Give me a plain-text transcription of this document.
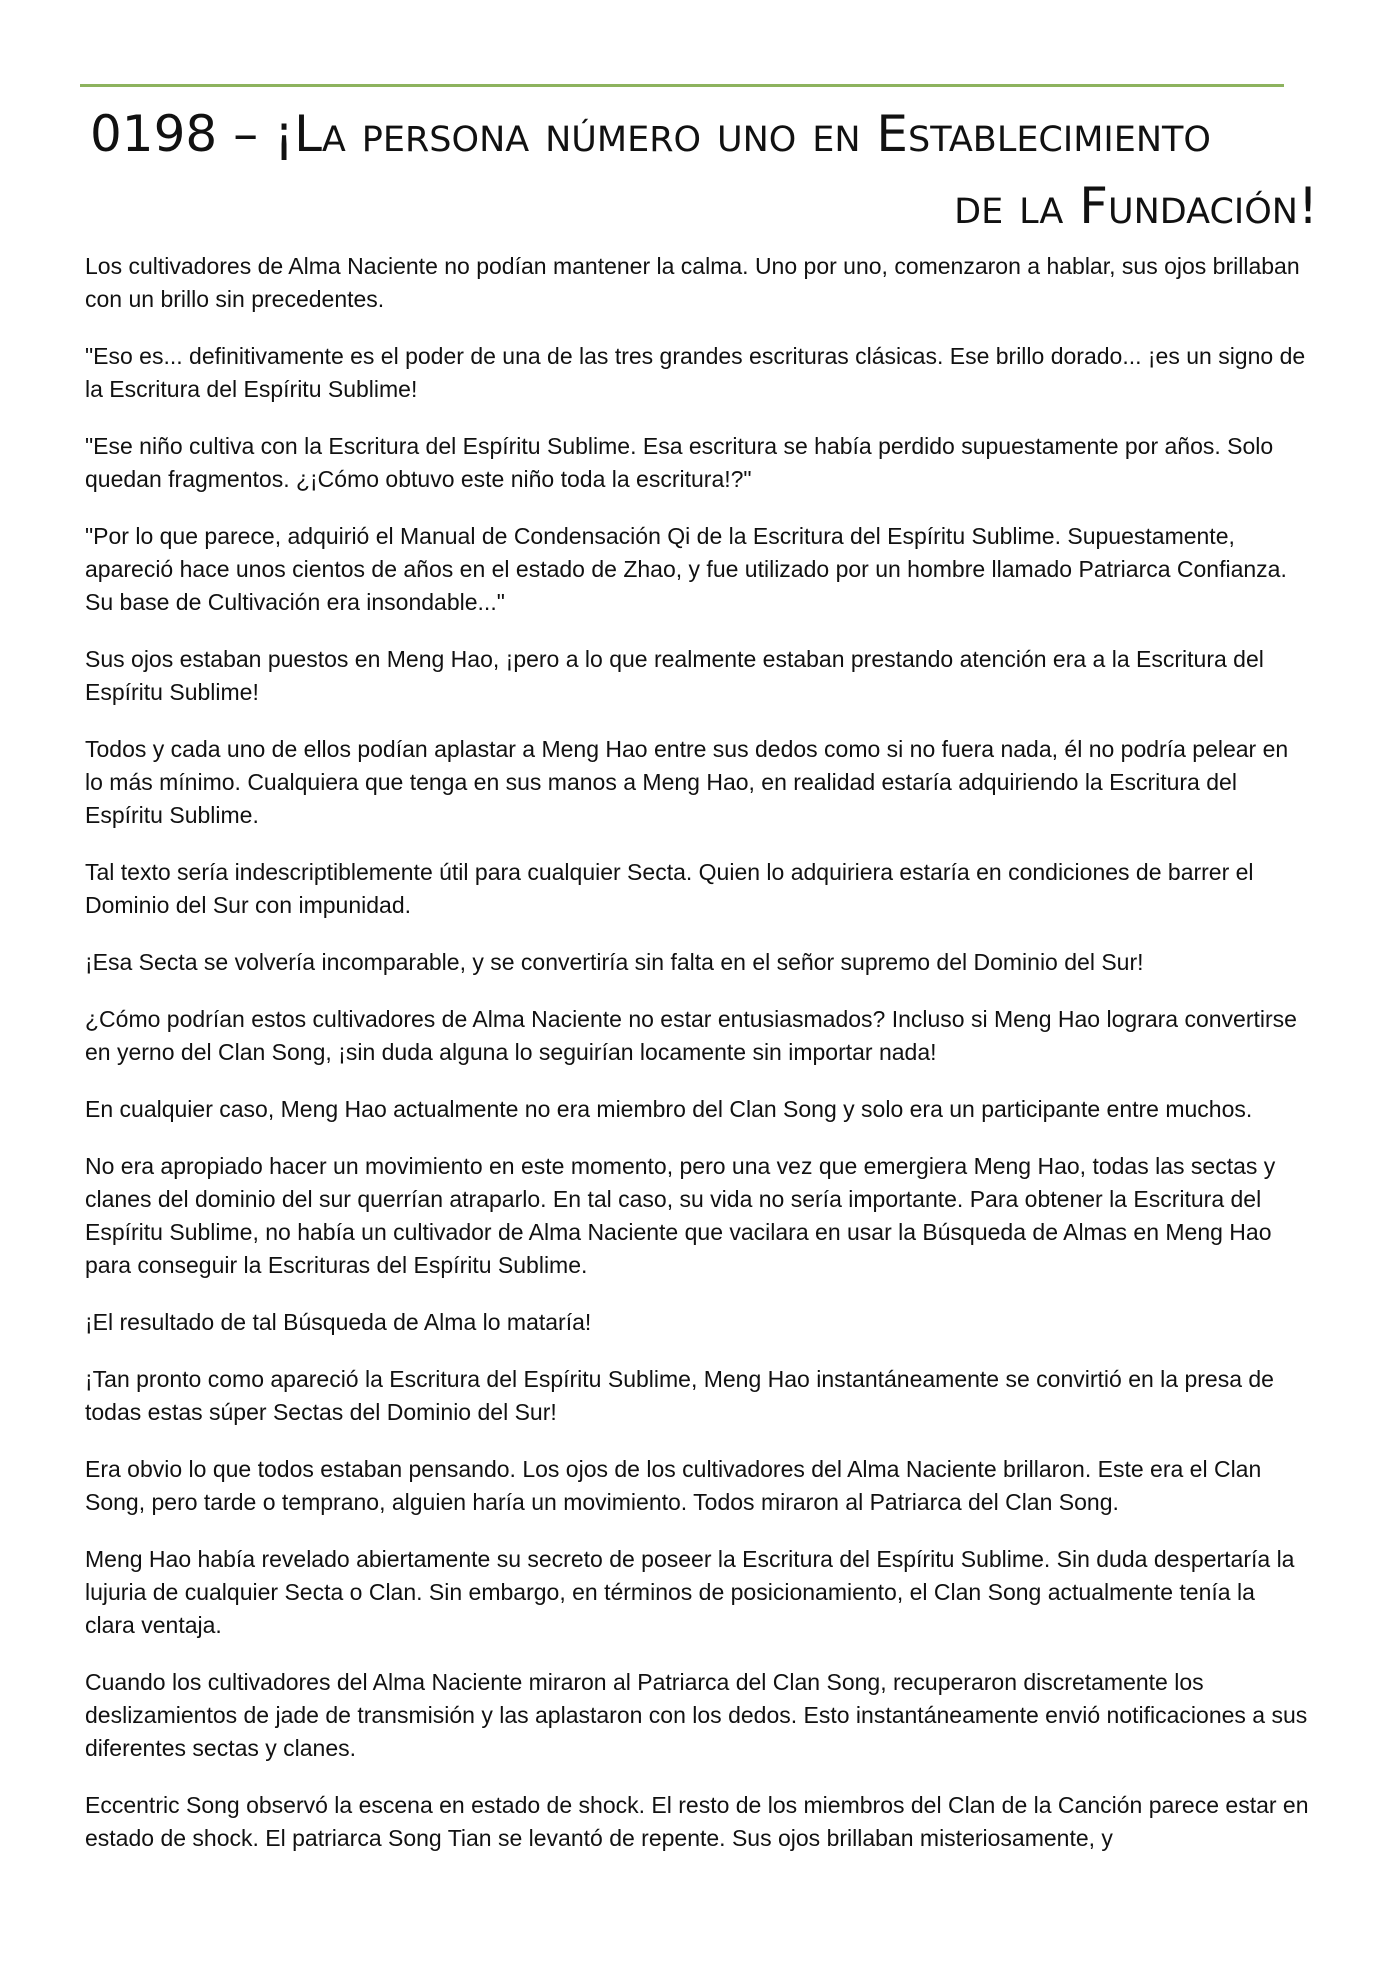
0198 – ¡La persona número uno en Establecimiento
de la Fundación!

Los cultivadores de Alma Naciente no podían mantener la calma. Uno por uno, comenzaron a hablar, sus ojos brillaban con un brillo sin precedentes.

"Eso es... definitivamente es el poder de una de las tres grandes escrituras clásicas. Ese brillo dorado... ¡es un signo de la Escritura del Espíritu Sublime!

"Ese niño cultiva con la Escritura del Espíritu Sublime. Esa escritura se había perdido supuestamente por años. Solo quedan fragmentos. ¿¡Cómo obtuvo este niño toda la escritura!?"

"Por lo que parece, adquirió el Manual de Condensación Qi de la Escritura del Espíritu Sublime. Supuestamente, apareció hace unos cientos de años en el estado de Zhao, y fue utilizado por un hombre llamado Patriarca Confianza. Su base de Cultivación era insondable..."

Sus ojos estaban puestos en Meng Hao, ¡pero a lo que realmente estaban prestando atención era a la Escritura del Espíritu Sublime!

Todos y cada uno de ellos podían aplastar a Meng Hao entre sus dedos como si no fuera nada, él no podría pelear en lo más mínimo. Cualquiera que tenga en sus manos a Meng Hao, en realidad estaría adquiriendo la Escritura del Espíritu Sublime.

Tal texto sería indescriptiblemente útil para cualquier Secta. Quien lo adquiriera estaría en condiciones de barrer el Dominio del Sur con impunidad.

¡Esa Secta se volvería incomparable, y se convertiría sin falta en el señor supremo del Dominio del Sur!

¿Cómo podrían estos cultivadores de Alma Naciente no estar entusiasmados? Incluso si Meng Hao lograra convertirse en yerno del Clan Song, ¡sin duda alguna lo seguirían locamente sin importar nada!

En cualquier caso, Meng Hao actualmente no era miembro del Clan Song y solo era un participante entre muchos.

No era apropiado hacer un movimiento en este momento, pero una vez que emergiera Meng Hao, todas las sectas y clanes del dominio del sur querrían atraparlo. En tal caso, su vida no sería importante. Para obtener la Escritura del Espíritu Sublime, no había un cultivador de Alma Naciente que vacilara en usar la Búsqueda de Almas en Meng Hao para conseguir la Escrituras del Espíritu Sublime.

¡El resultado de tal Búsqueda de Alma lo mataría!

¡Tan pronto como apareció la Escritura del Espíritu Sublime, Meng Hao instantáneamente se convirtió en la presa de todas estas súper Sectas del Dominio del Sur!

Era obvio lo que todos estaban pensando. Los ojos de los cultivadores del Alma Naciente brillaron. Este era el Clan Song, pero tarde o temprano, alguien haría un movimiento. Todos miraron al Patriarca del Clan Song.

Meng Hao había revelado abiertamente su secreto de poseer la Escritura del Espíritu Sublime. Sin duda despertaría la lujuria de cualquier Secta o Clan. Sin embargo, en términos de posicionamiento, el Clan Song actualmente tenía la clara ventaja.

Cuando los cultivadores del Alma Naciente miraron al Patriarca del Clan Song, recuperaron discretamente los deslizamientos de jade de transmisión y las aplastaron con los dedos. Esto instantáneamente envió notificaciones a sus diferentes sectas y clanes.

Eccentric Song observó la escena en estado de shock. El resto de los miembros del Clan de la Canción parece estar en estado de shock. El patriarca Song Tian se levantó de repente. Sus ojos brillaban misteriosamente, y
